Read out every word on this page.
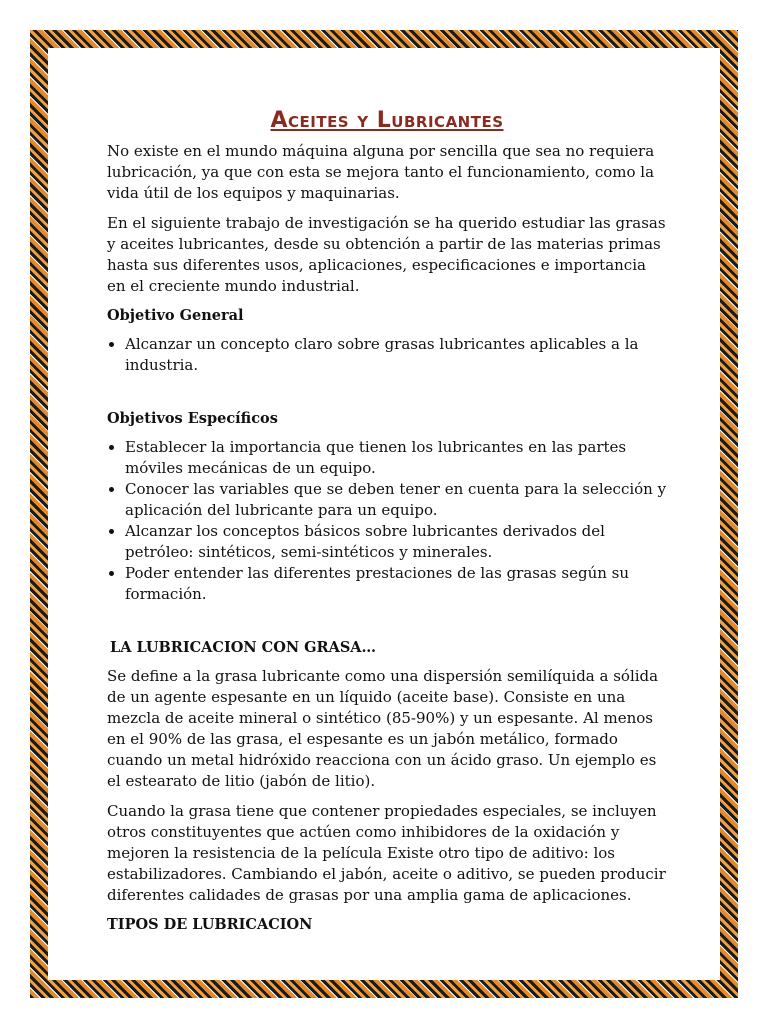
Aceites y Lubricantes

No existe en el mundo máquina alguna por sencilla que sea no requiera lubricación, ya que con esta se mejora tanto el funcionamiento, como la vida útil de los equipos y maquinarias.

En el siguiente trabajo de investigación se ha querido estudiar las grasas y aceites lubricantes, desde su obtención a partir de las materias primas hasta sus diferentes usos, aplicaciones, especificaciones e importancia en el creciente mundo industrial.

Objetivo General
• Alcanzar un concepto claro sobre grasas lubricantes aplicables a la industria.
Objetivos Específicos
• Establecer la importancia que tienen los lubricantes en las partes móviles mecánicas de un equipo.
• Conocer las variables que se deben tener en cuenta para la selección y aplicación del lubricante para un equipo.
• Alcanzar los conceptos básicos sobre lubricantes derivados del petróleo: sintéticos, semi-sintéticos y minerales.
• Poder entender las diferentes prestaciones de las grasas según su formación.
LA LUBRICACION CON GRASA…

Se define a la grasa lubricante como una dispersión semilíquida a sólida de un agente espesante en un líquido (aceite base). Consiste en una mezcla de aceite mineral o sintético (85-90%) y un espesante. Al menos en el 90% de las grasa, el espesante es un jabón metálico, formado cuando un metal hidróxido reacciona con un ácido graso. Un ejemplo es el estearato de litio (jabón de litio).

Cuando la grasa tiene que contener propiedades especiales, se incluyen otros constituyentes que actúen como inhibidores de la oxidación y mejoren la resistencia de la película Existe otro tipo de aditivo: los estabilizadores. Cambiando el jabón, aceite o aditivo, se pueden producir diferentes calidades de grasas por una amplia gama de aplicaciones.

TIPOS DE LUBRICACION
